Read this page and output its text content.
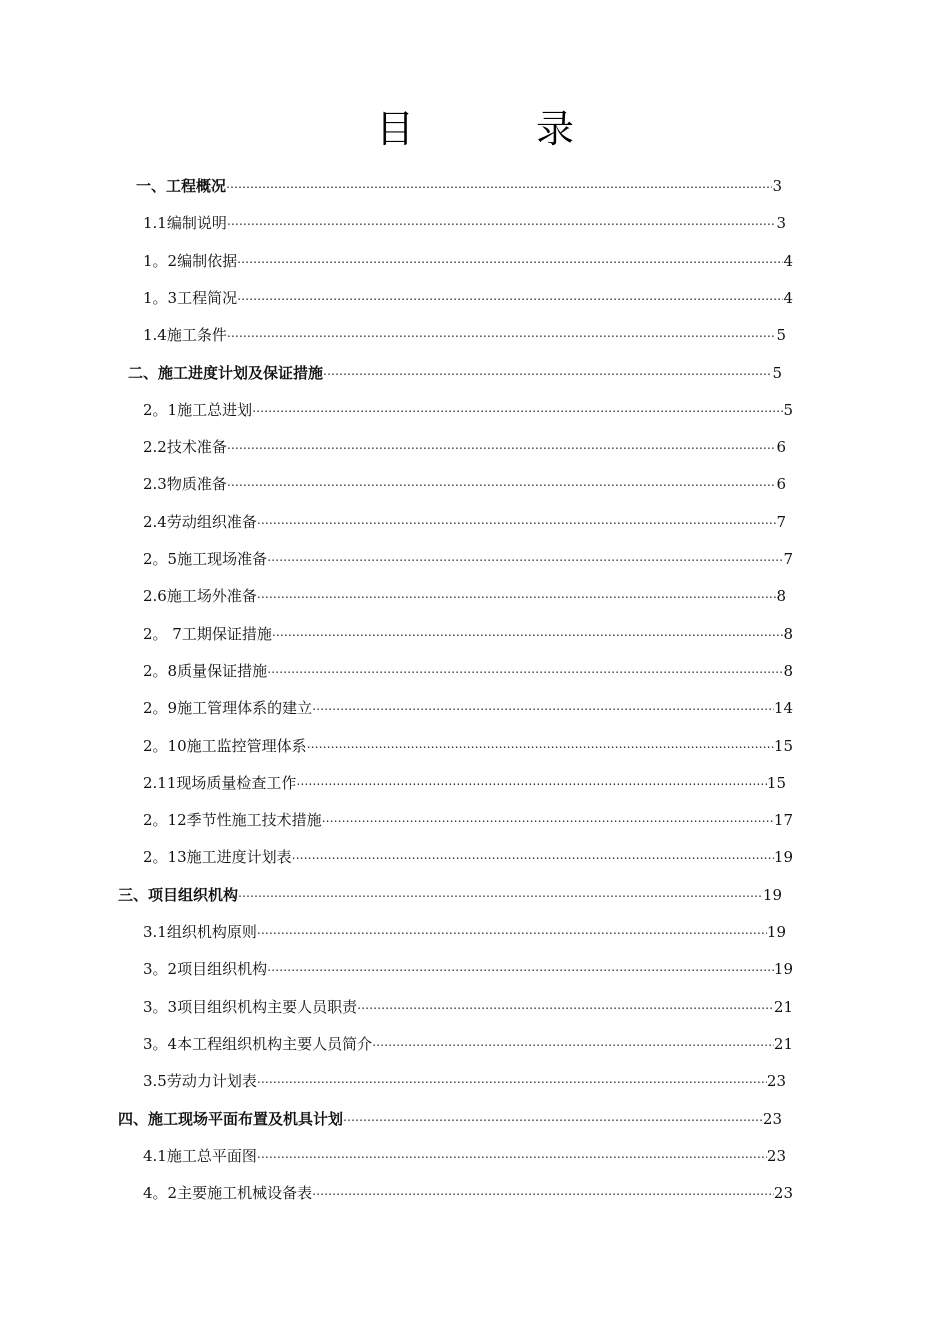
目　录
一、工程概况 ………………………………………………………………………………………………………………………………………………………………………………………………………………………………………………………………	3
1.1编制说明 ………………………………………………………………………………………………………………………………………………………………………………………………………………………………………………………………	3
1。2编制依据 ………………………………………………………………………………………………………………………………………………………………………………………………………………………………………………………………	4
1。3工程简况 ………………………………………………………………………………………………………………………………………………………………………………………………………………………………………………………………	4
1.4施工条件 ………………………………………………………………………………………………………………………………………………………………………………………………………………………………………………………………	5
二、施工进度计划及保证措施 ………………………………………………………………………………………………………………………………………………………………………………………………………………………………………………………………	5
2。1施工总进划 ………………………………………………………………………………………………………………………………………………………………………………………………………………………………………………………………	5
2.2技术准备 ………………………………………………………………………………………………………………………………………………………………………………………………………………………………………………………………	6
2.3物质准备 ………………………………………………………………………………………………………………………………………………………………………………………………………………………………………………………………	6
2.4劳动组织准备 ………………………………………………………………………………………………………………………………………………………………………………………………………………………………………………………………	7
2。5施工现场准备 ………………………………………………………………………………………………………………………………………………………………………………………………………………………………………………………………	7
2.6施工场外准备 ………………………………………………………………………………………………………………………………………………………………………………………………………………………………………………………………	8
2。 7工期保证措施 ………………………………………………………………………………………………………………………………………………………………………………………………………………………………………………………………	8
2。8质量保证措施 ………………………………………………………………………………………………………………………………………………………………………………………………………………………………………………………………	8
2。9施工管理体系的建立 ………………………………………………………………………………………………………………………………………………………………………………………………………………………………………………………………	14
2。10施工监控管理体系 ………………………………………………………………………………………………………………………………………………………………………………………………………………………………………………………………	15
2.11现场质量检查工作 ………………………………………………………………………………………………………………………………………………………………………………………………………………………………………………………………	15
2。12季节性施工技术措施 ………………………………………………………………………………………………………………………………………………………………………………………………………………………………………………………………	17
2。13施工进度计划表 ………………………………………………………………………………………………………………………………………………………………………………………………………………………………………………………………	19
三、项目组织机构 ………………………………………………………………………………………………………………………………………………………………………………………………………………………………………………………………	19
3.1组织机构原则 ………………………………………………………………………………………………………………………………………………………………………………………………………………………………………………………………	19
3。2项目组织机构 ………………………………………………………………………………………………………………………………………………………………………………………………………………………………………………………………	19
3。3项目组织机构主要人员职责 ………………………………………………………………………………………………………………………………………………………………………………………………………………………………………………………………	21
3。4本工程组织机构主要人员简介 ………………………………………………………………………………………………………………………………………………………………………………………………………………………………………………………………	21
3.5劳动力计划表 ………………………………………………………………………………………………………………………………………………………………………………………………………………………………………………………………	23
四、施工现场平面布置及机具计划 ………………………………………………………………………………………………………………………………………………………………………………………………………………………………………………………………	23
4.1施工总平面图 ………………………………………………………………………………………………………………………………………………………………………………………………………………………………………………………………	23
4。2主要施工机械设备表 ………………………………………………………………………………………………………………………………………………………………………………………………………………………………………………………………	23
